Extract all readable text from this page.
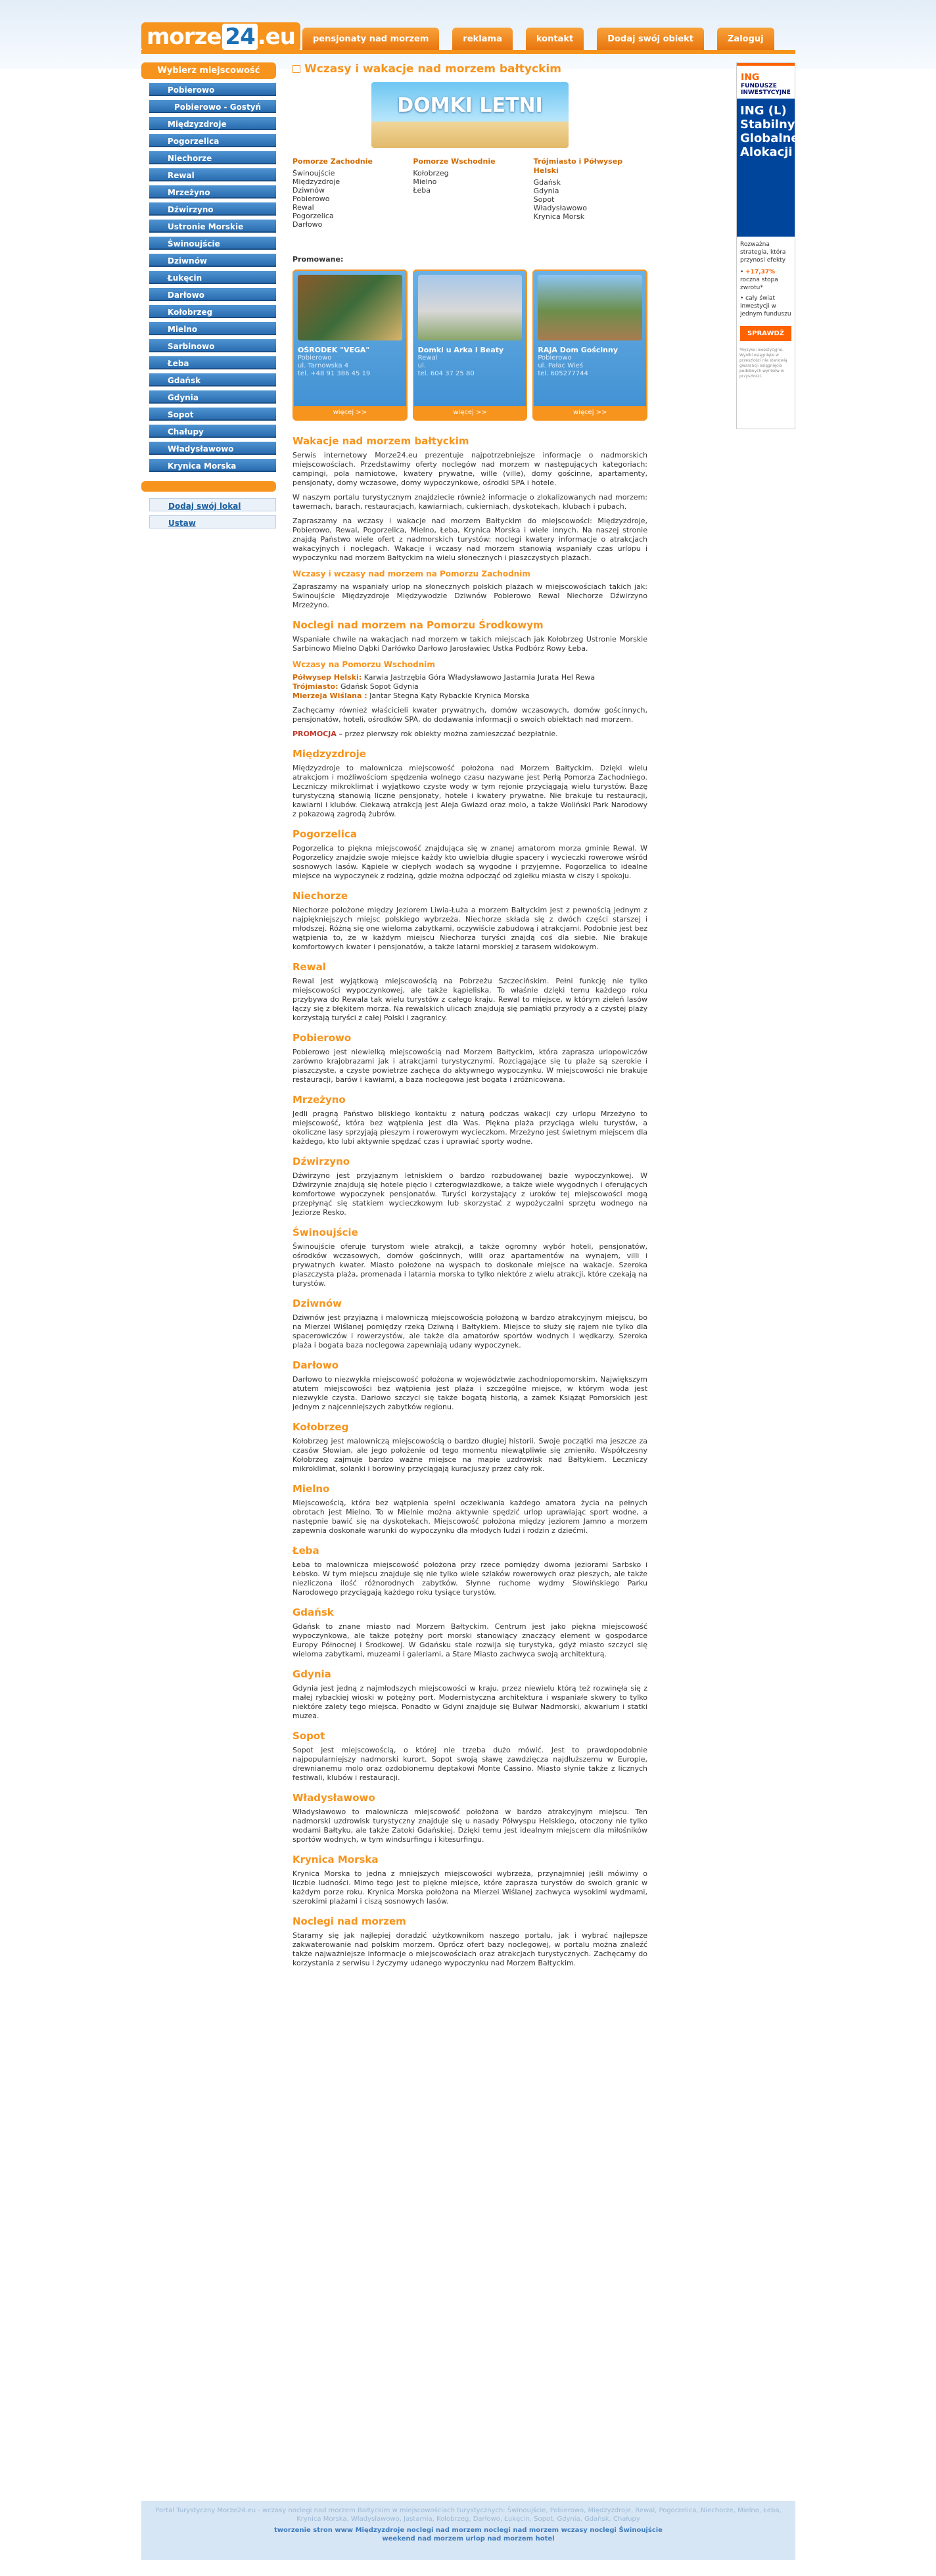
morze 24 .eu	pensjonaty nad morzem	reklama	kontakt	Dodaj swój obiekt	Zaloguj
Wybierz miejscowość
Pobierowo
Pobierowo - Gostyń
Międzyzdroje
Pogorzelica
Niechorze
Rewal
Mrzeżyno
Dźwirzyno
Ustronie Morskie
Świnoujście
Dziwnów
Łukęcin
Darłowo
Kołobrzeg
Mielno
Sarbinowo
Łeba
Gdańsk
Gdynia
Sopot
Chałupy
Władysławowo
Krynica Morska
Dodaj swój lokal
Ustaw
Wczasy i wakacje nad morzem bałtyckim
DOMKI LETNI
Pomorze Zachodnie
Świnoujście
Międzyzdroje
Dziwnów
Pobierowo
Rewal
Pogorzelica
Darłowo
Pomorze Wschodnie
Kołobrzeg
Mielno
Łeba
Trójmiasto i Półwysep Helski
Gdańsk
Gdynia
Sopot
Władysławowo
Krynica Morsk
Promowane:
OŚRODEK "VEGA"
Pobierowo
ul. Tarnowska 4
tel. +48 91 386 45 19
więcej >>
Domki u Arka i Beaty
Rewal
ul.
tel. 604 37 25 80
więcej >>
RAJA Dom Gościnny
Pobierowo
ul. Pałac Wieś
tel. 605277744
więcej >>
Wakacje nad morzem bałtyckim

Serwis internetowy Morze24.eu prezentuje najpotrzebniejsze informacje o nadmorskich miejscowościach. Przedstawimy oferty noclegów nad morzem w następujących kategoriach: campingi, pola namiotowe, kwatery prywatne, wille (ville), domy gościnne, apartamenty, pensjonaty, domy wczasowe, domy wypoczynkowe, ośrodki SPA i hotele.

W naszym portalu turystycznym znajdziecie również informacje o zlokalizowanych nad morzem: tawernach, barach, restauracjach, kawiarniach, cukierniach, dyskotekach, klubach i pubach.

Zapraszamy na wczasy i wakacje nad morzem Bałtyckim do miejscowości: Międzyzdroje, Pobierowo, Rewal, Pogorzelica, Mielno, Łeba, Krynica Morska i wiele innych. Na naszej stronie znajdą Państwo wiele ofert z nadmorskich turystów: noclegi kwatery informacje o atrakcjach wakacyjnych i noclegach. Wakacje i wczasy nad morzem stanowią wspaniały czas urlopu i wypoczynku nad morzem Bałtyckim na wielu słonecznych i piaszczystych plażach.

Wczasy i wczasy nad morzem na Pomorzu Zachodnim

Zapraszamy na wspaniały urlop na słonecznych polskich plażach w miejscowościach takich jak: Świnoujście Międzyzdroje Międzywodzie Dziwnów Pobierowo Rewal Niechorze Dźwirzyno Mrzeżyno.

Noclegi nad morzem na Pomorzu Środkowym

Wspaniałe chwile na wakacjach nad morzem w takich miejscach jak Kołobrzeg Ustronie Morskie Sarbinowo Mielno Dąbki Darłówko Darłowo Jarosławiec Ustka Podbórz Rowy Łeba.

Wczasy na Pomorzu Wschodnim
Półwysep Helski: Karwia Jastrzębia Góra Władysławowo Jastarnia Jurata Hel Rewa
Trójmiasto: Gdańsk Sopot Gdynia
Mierzeja Wiślana : Jantar Stegna Kąty Rybackie Krynica Morska

Zachęcamy również właścicieli kwater prywatnych, domów wczasowych, domów gościnnych, pensjonatów, hoteli, ośrodków SPA, do dodawania informacji o swoich obiektach nad morzem.

PROMOCJA – przez pierwszy rok obiekty można zamieszczać bezpłatnie.

Międzyzdroje

Międzyzdroje to malownicza miejscowość położona nad Morzem Bałtyckim. Dzięki wielu atrakcjom i możliwościom spędzenia wolnego czasu nazywane jest Perłą Pomorza Zachodniego. Leczniczy mikroklimat i wyjątkowo czyste wody w tym rejonie przyciągają wielu turystów. Bazę turystyczną stanowią liczne pensjonaty, hotele i kwatery prywatne. Nie brakuje tu restauracji, kawiarni i klubów. Ciekawą atrakcją jest Aleja Gwiazd oraz molo, a także Woliński Park Narodowy z pokazową zagrodą żubrów.

Pogorzelica

Pogorzelica to piękna miejscowość znajdująca się w znanej amatorom morza gminie Rewal. W Pogorzelicy znajdzie swoje miejsce każdy kto uwielbia długie spacery i wycieczki rowerowe wśród sosnowych lasów. Kąpiele w ciepłych wodach są wygodne i przyjemne. Pogorzelica to idealne miejsce na wypoczynek z rodziną, gdzie można odpocząć od zgiełku miasta w ciszy i spokoju.

Niechorze

Niechorze położone między Jeziorem Liwia-Łuża a morzem Bałtyckim jest z pewnością jednym z najpiękniejszych miejsc polskiego wybrzeża. Niechorze składa się z dwóch części starszej i młodszej. Różną się one wieloma zabytkami, oczywiście zabudową i atrakcjami. Podobnie jest bez wątpienia to, że w każdym miejscu Niechorza turyści znajdą coś dla siebie. Nie brakuje komfortowych kwater i pensjonatów, a także latarni morskiej z tarasem widokowym.

Rewal

Rewal jest wyjątkową miejscowością na Pobrzeżu Szczecińskim. Pełni funkcję nie tylko miejscowości wypoczynkowej, ale także kąpieliska. To właśnie dzięki temu każdego roku przybywa do Rewala tak wielu turystów z całego kraju. Rewal to miejsce, w którym zieleń lasów łączy się z błękitem morza. Na rewalskich ulicach znajdują się pamiątki przyrody a z czystej plaży korzystają turyści z całej Polski i zagranicy.

Pobierowo

Pobierowo jest niewielką miejscowością nad Morzem Bałtyckim, która zaprasza urlopowiczów zarówno krajobrazami jak i atrakcjami turystycznymi. Rozciągające się tu plaże są szerokie i piaszczyste, a czyste powietrze zachęca do aktywnego wypoczynku. W miejscowości nie brakuje restauracji, barów i kawiarni, a baza noclegowa jest bogata i zróżnicowana.

Mrzeżyno

Jedli pragną Państwo bliskiego kontaktu z naturą podczas wakacji czy urlopu Mrzeżyno to miejscowość, która bez wątpienia jest dla Was. Piękna plaża przyciąga wielu turystów, a okoliczne lasy sprzyjają pieszym i rowerowym wycieczkom. Mrzeżyno jest świetnym miejscem dla każdego, kto lubi aktywnie spędzać czas i uprawiać sporty wodne.

Dźwirzyno

Dźwirzyno jest przyjaznym letniskiem o bardzo rozbudowanej bazie wypoczynkowej. W Dźwirzynie znajdują się hotele pięcio i czterogwiazdkowe, a także wiele wygodnych i oferujących komfortowe wypoczynek pensjonatów. Turyści korzystający z uroków tej miejscowości mogą przepłynąć się statkiem wycieczkowym lub skorzystać z wypożyczalni sprzętu wodnego na Jeziorze Resko.

Świnoujście

Świnoujście oferuje turystom wiele atrakcji, a także ogromny wybór hoteli, pensjonatów, ośrodków wczasowych, domów gościnnych, willi oraz apartamentów na wynajem, villi i prywatnych kwater. Miasto położone na wyspach to doskonałe miejsce na wakacje. Szeroka piaszczysta plaża, promenada i latarnia morska to tylko niektóre z wielu atrakcji, które czekają na turystów.

Dziwnów

Dziwnów jest przyjazną i malowniczą miejscowością położoną w bardzo atrakcyjnym miejscu, bo na Mierzei Wiślanej pomiędzy rzeką Dziwną i Bałtykiem. Miejsce to służy się rajem nie tylko dla spacerowiczów i rowerzystów, ale także dla amatorów sportów wodnych i wędkarzy. Szeroka plaża i bogata baza noclegowa zapewniają udany wypoczynek.

Darłowo

Darłowo to niezwykła miejscowość położona w województwie zachodniopomorskim. Największym atutem miejscowości bez wątpienia jest plaża i szczególne miejsce, w którym woda jest niezwykle czysta. Darłowo szczyci się także bogatą historią, a zamek Książąt Pomorskich jest jednym z najcenniejszych zabytków regionu.

Kołobrzeg

Kołobrzeg jest malowniczą miejscowością o bardzo długiej historii. Swoje początki ma jeszcze za czasów Słowian, ale jego położenie od tego momentu niewątpliwie się zmieniło. Współczesny Kołobrzeg zajmuje bardzo ważne miejsce na mapie uzdrowisk nad Bałtykiem. Leczniczy mikroklimat, solanki i borowiny przyciągają kuracjuszy przez cały rok.

Mielno

Miejscowością, która bez wątpienia spełni oczekiwania każdego amatora życia na pełnych obrotach jest Mielno. To w Mielnie można aktywnie spędzić urlop uprawiając sport wodne, a następnie bawić się na dyskotekach. Miejscowość położona między jeziorem Jamno a morzem zapewnia doskonałe warunki do wypoczynku dla młodych ludzi i rodzin z dziećmi.

Łeba

Łeba to malownicza miejscowość położona przy rzece pomiędzy dwoma jeziorami Sarbsko i Łebsko. W tym miejscu znajduje się nie tylko wiele szlaków rowerowych oraz pieszych, ale także niezliczona ilość różnorodnych zabytków. Słynne ruchome wydmy Słowińskiego Parku Narodowego przyciągają każdego roku tysiące turystów.

Gdańsk

Gdańsk to znane miasto nad Morzem Bałtyckim. Centrum jest jako piękna miejscowość wypoczynkowa, ale także potężny port morski stanowiący znaczący element w gospodarce Europy Północnej i Środkowej. W Gdańsku stale rozwija się turystyka, gdyż miasto szczyci się wieloma zabytkami, muzeami i galeriami, a Stare Miasto zachwyca swoją architekturą.

Gdynia

Gdynia jest jedną z najmłodszych miejscowości w kraju, przez niewielu którą też rozwinęła się z małej rybackiej wioski w potężny port. Modernistyczna architektura i wspaniałe skwery to tylko niektóre zalety tego miejsca. Ponadto w Gdyni znajduje się Bulwar Nadmorski, akwarium i statki muzea.

Sopot

Sopot jest miejscowością, o której nie trzeba dużo mówić. Jest to prawdopodobnie najpopularniejszy nadmorski kurort. Sopot swoją sławę zawdzięcza najdłuższemu w Europie, drewnianemu molo oraz ozdobionemu deptakowi Monte Cassino. Miasto słynie także z licznych festiwali, klubów i restauracji.

Władysławowo

Władysławowo to malownicza miejscowość położona w bardzo atrakcyjnym miejscu. Ten nadmorski uzdrowisk turystyczny znajduje się u nasady Półwyspu Helskiego, otoczony nie tylko wodami Bałtyku, ale także Zatoki Gdańskiej. Dzięki temu jest idealnym miejscem dla miłośników sportów wodnych, w tym windsurfingu i kitesurfingu.

Krynica Morska

Krynica Morska to jedna z mniejszych miejscowości wybrzeża, przynajmniej jeśli mówimy o liczbie ludności. Mimo tego jest to piękne miejsce, które zaprasza turystów do swoich granic w każdym porze roku. Krynica Morska położona na Mierzei Wiślanej zachwyca wysokimi wydmami, szerokimi plażami i ciszą sosnowych lasów.

Noclegi nad morzem

Staramy się jak najlepiej doradzić użytkownikom naszego portalu, jak i wybrać najlepsze zakwaterowanie nad polskim morzem. Oprócz ofert bazy noclegowej, w portalu można znaleźć także najważniejsze informacje o miejscowościach oraz atrakcjach turystycznych. Zachęcamy do korzystania z serwisu i życzymy udanego wypoczynku nad Morzem Bałtyckim.

ING
FUNDUSZE INWESTYCYJNE
ING (L) Stabilny Globalnej Alokacji
Rozważna strategia, która przynosi efekty
• +17,37% roczna stopa zwrotu*
• cały świat inwestycji w jednym funduszu
SPRAWDŹ
*Ryzyko inwestycyjne. Wyniki osiągnięte w przeszłości nie stanowią gwarancji osiągnięcia podobnych wyników w przyszłości.
Portal Turystyczny Morze24.eu - wczasy noclegi nad morzem Bałtyckim w miejscowościach turystycznych: Świnoujście, Pobierowo, Międzyzdroje, Rewal, Pogorzelica, Niechorze, Mielno, Łeba, Krynica Morska, Władysławowo, Jastarnia, Kołobrzeg, Darłowo, Łukęcin, Sopot, Gdynia, Gdańsk, Chałupy
tworzenie stron www Międzyzdroje noclegi nad morzem noclegi nad morzem wczasy noclegi Świnoujście
weekend nad morzem urlop nad morzem hotel
